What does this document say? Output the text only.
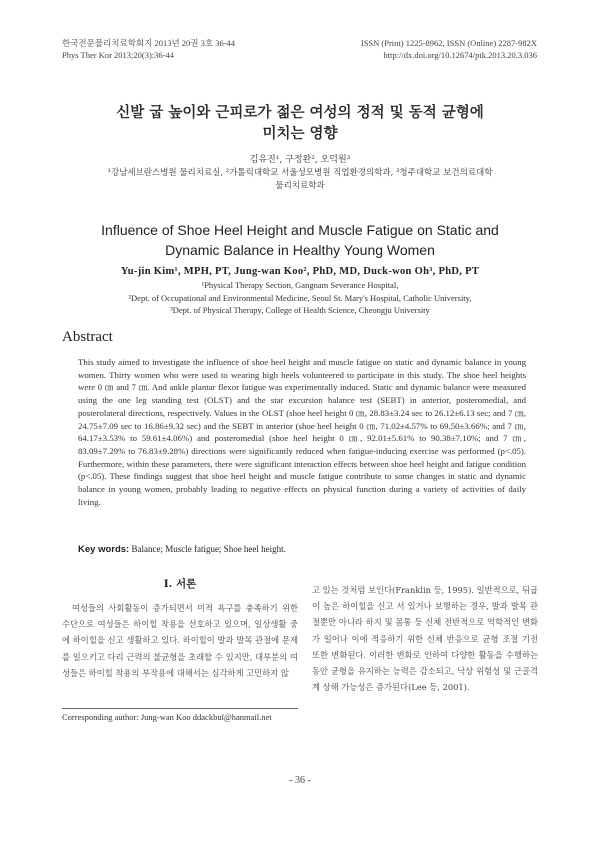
한국전문물리치료학회지 2013년 20권 3호 36-44
Phys Ther Kor 2013;20(3):36-44
ISSN (Print) 1225-8962, ISSN (Online) 2287-982X
http://dx.doi.org/10.12674/ptk.2013.20.3.036
신발 굽 높이와 근피로가 젊은 여성의 정적 및 동적 균형에
미치는 영향
김유진¹, 구정완², 오덕원³
¹강남세브란스병원 물리치료실, ²가톨릭대학교 서울성모병원 직업환경의학과, ³청주대학교 보건의료대학
물리치료학과
Influence of Shoe Heel Height and Muscle Fatigue on Static and
Dynamic Balance in Healthy Young Women
Yu-jin Kim¹, MPH, PT, Jung-wan Koo², PhD, MD, Duck-won Oh³, PhD, PT
¹Physical Therapy Section, Gangnam Severance Hospital,
²Dept. of Occupational and Environmental Medicine, Seoul St. Mary's Hospital, Catholic University,
³Dept. of Physical Therapy, College of Health Science, Cheongju University
Abstract
This study aimed to investigate the influence of shoe heel height and muscle fatigue on static and dynamic balance in young women. Thirty women who were used to wearing high heels volunteered to participate in this study. The shoe heel heights were 0 ㎝ and 7 ㎝. And ankle plantar flexor fatigue was experimentally induced. Static and dynamic balance were measured using the one leg standing test (OLST) and the star excursion balance test (SEBT) in anterior, posteromedial, and posterolateral directions, respectively. Values in the OLST (shoe heel height 0 ㎝, 28.83±3.24 sec to 26.12±6.13 sec; and 7 ㎝, 24.75±7.09 sec to 16.86±9.32 sec) and the SEBT in anterior (shoe heel height 0 ㎝, 71.02±4.57% to 69.50±3.66%; and 7 ㎝, 64.17±3.53% to 59.61±4.06%) and posteromedial (shoe heel height 0 ㎝, 92.01±5.61% to 90.38±7.10%; and 7 ㎝, 83.09±7.29% to 76.83±9.28%) directions were significantly reduced when fatigue-inducing exercise was performed (p<.05). Furthermore, within these parameters, there were significant interaction effects between shoe heel height and fatigue condition (p<.05). These findings suggest that shoe heel height and muscle fatigue contribute to some changes in static and dynamic balance in young women, probably leading to negative effects on physical function during a variety of activities of daily living.
Key words: Balance; Muscle fatigue; Shoe heel height.
Ⅰ. 서론
여성들의 사회활동이 증가되면서 미적 욕구를 충족하기 위한 수단으로 여성들은 하이힐 착용을 선호하고 있으며, 일상생활 중에 하이힐을 신고 생활하고 있다. 하이힐이 발과 발목 관절에 문제를 일으키고 다리 근력의 불균형을 초래할 수 있지만, 대부분의 여성들은 하이힐 착용의 부작용에 대해서는 심각하게 고민하지 않
고 있는 것처럼 보인다(Franklin 등, 1995). 일반적으로, 뒤굽이 높은 하이힐을 신고 서 있거나 보행하는 경우, 발과 발목 관절뿐만 아니라 하지 및 몸통 등 신체 전반적으로 역학적인 변화가 일어나 이에 적응하기 위한 신체 반응으로 균형 조절 기전 또한 변화된다. 이러한 변화로 인하여 다양한 활동을 수행하는 동안 균형을 유지하는 능력은 감소되고, 낙상 위험성 및 근골격계 상해 가능성은 증가된다(Lee 등, 2001).
Corresponding author: Jung-wan Koo ddackbul@hanmail.net
- 36 -
